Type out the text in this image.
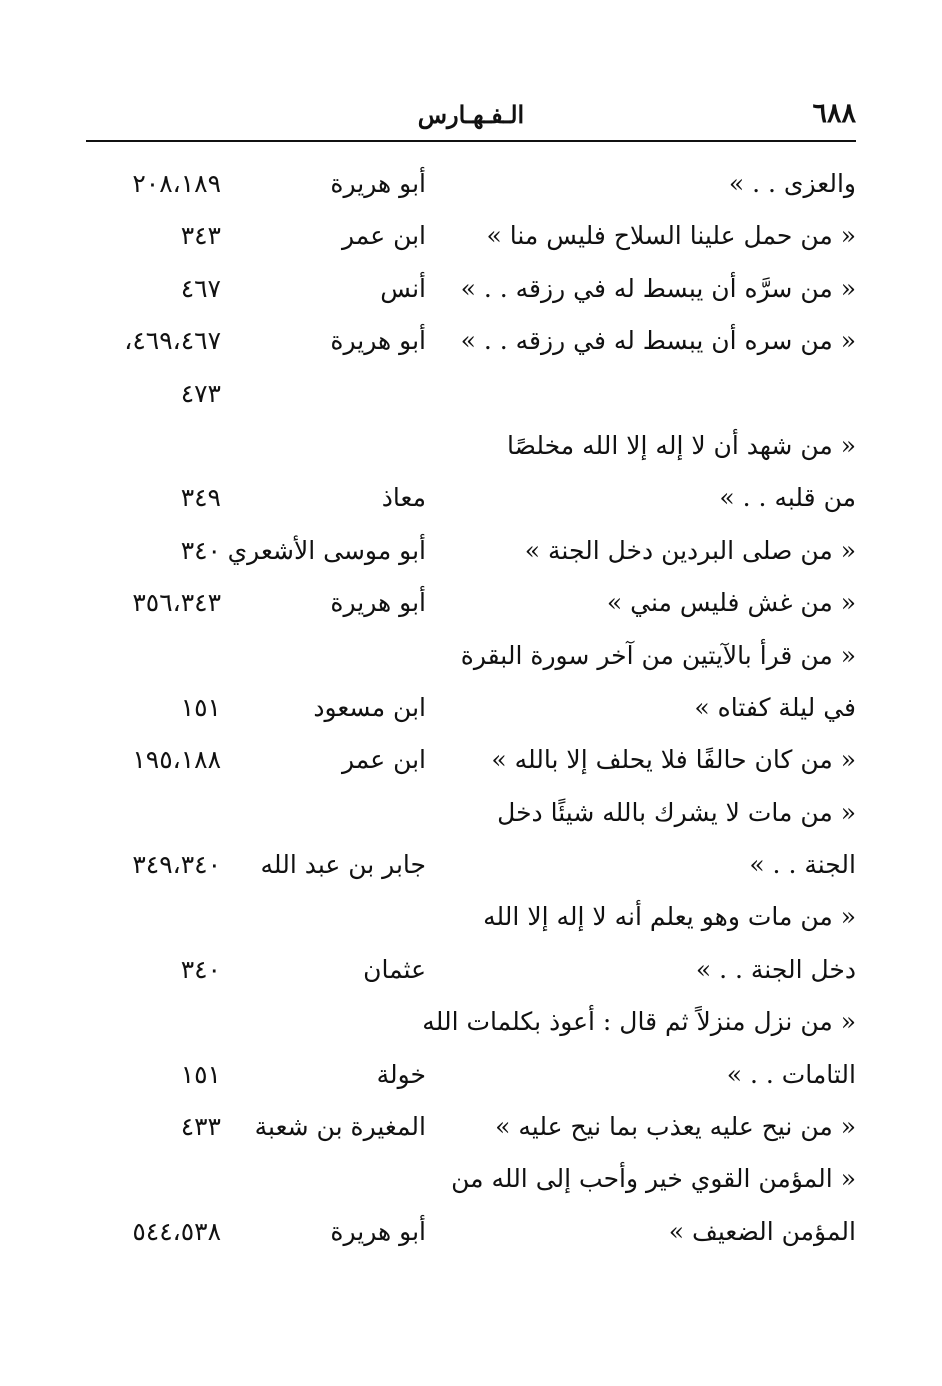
٦٨٨
الـفـهـارس
والعزى . . »
أبو هريرة
٢٠٨،١٨٩
« من حمل علينا السلاح فليس منا »
ابن عمر
٣٤٣
« من سرَّه أن يبسط له في رزقه . . »
أنس
٤٦٧
« من سره أن يبسط له في رزقه . . »
أبو هريرة
٤٦٩،٤٦٧،
٤٧٣
« من شهد أن لا إله إلا الله مخلصًا
من قلبه . . »
معاذ
٣٤٩
« من صلى البردين دخل الجنة »
أبو موسى الأشعري
٣٤٠
« من غش فليس مني »
أبو هريرة
٣٥٦،٣٤٣
« من قرأ بالآيتين من آخر سورة البقرة
في ليلة كفتاه »
ابن مسعود
١٥١
« من كان حالفًا فلا يحلف إلا بالله »
ابن عمر
١٩٥،١٨٨
« من مات لا يشرك بالله شيئًا دخل
الجنة . . »
جابر بن عبد الله
٣٤٩،٣٤٠
« من مات وهو يعلم أنه لا إله إلا الله
دخل الجنة . . »
عثمان
٣٤٠
« من نزل منزلاً ثم قال : أعوذ بكلمات الله
التامات . . »
خولة
١٥١
« من نيح عليه يعذب بما نيح عليه »
المغيرة بن شعبة
٤٣٣
« المؤمن القوي خير وأحب إلى الله من
المؤمن الضعيف »
أبو هريرة
٥٤٤،٥٣٨
